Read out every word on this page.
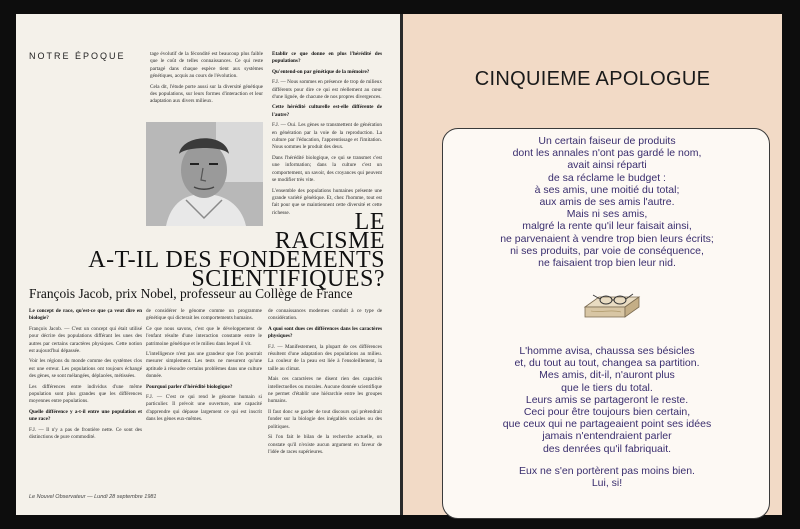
NOTRE ÉPOQUE	tage évolutif de la fécondité est beaucoup plus faible que le coût de telles connaissances. Ce qui reste partagé dans chaque espèce tient aux systèmes génétiques, acquis au cours de l'évolution.

Cela dit, l'étude porte aussi sur la diversité génétique des populations, sur leurs formes d'interaction et leur adaptation aux divers milieux.

Établir ce que donne en plus l'hérédité des populations?

Qu'entend-on par génétique de la mémoire?

F.J. — Nous sommes en présence de trop de milieux différents pour dire ce qui est réellement au cœur d'une lignée, de chacune de nos propres divergences.

Cette hérédité culturelle est-elle différente de l'autre?

F.J. — Oui. Les gènes se transmettent de génération en génération par la voie de la reproduction. La culture par l'éducation, l'apprentissage et l'imitation. Nous sommes le produit des deux.

Dans l'hérédité biologique, ce qui se transmet c'est une information; dans la culture c'est un comportement, un savoir, des croyances qui peuvent se modifier très vite.

L'ensemble des populations humaines présente une grande variété génétique. Et, chez l'homme, tout est fait pour que se maintiennent cette diversité et cette richesse.	LE
RACISME
A-T-IL DES FONDEMENTS
SCIENTIFIQUES?
François Jacob, prix Nobel, professeur au Collège de France

Le concept de race, qu'est-ce que ça veut dire en biologie?

François Jacob. — C'est un concept qui était utilisé pour décrire des populations différant les unes des autres par certains caractères physiques. Cette notion est aujourd'hui dépassée.

Voir les régions du monde comme des systèmes clos est une erreur. Les populations ont toujours échangé des gènes, se sont mélangées, déplacées, métissées.

Les différences entre individus d'une même population sont plus grandes que les différences moyennes entre populations.

Quelle différence y a-t-il entre une population et une race?

F.J. — Il n'y a pas de frontière nette. Ce sont des distinctions de pure commodité.

de considérer le génome comme un programme génétique qui dicterait les comportements humains.

Ce que nous savons, c'est que le développement de l'enfant résulte d'une interaction constante entre le patrimoine génétique et le milieu dans lequel il vit.

L'intelligence n'est pas une grandeur que l'on pourrait mesurer simplement. Les tests ne mesurent qu'une aptitude à résoudre certains problèmes dans une culture donnée.

Pourquoi parler d'hérédité biologique?

F.J. — C'est ce qui rend le génome humain si particulier. Il prévoit une ouverture, une capacité d'apprendre qui dépasse largement ce qui est inscrit dans les gènes eux-mêmes.

de connaissances modernes conduit à ce type de considération.

A quoi sont dues ces différences dans les caractères physiques?

F.J. — Manifestement, la plupart de ces différences résultent d'une adaptation des populations au milieu. La couleur de la peau est liée à l'ensoleillement, la taille au climat.

Mais ces caractères ne disent rien des capacités intellectuelles ou morales. Aucune donnée scientifique ne permet d'établir une hiérarchie entre les groupes humains.

Il faut donc se garder de tout discours qui prétendrait fonder sur la biologie des inégalités sociales ou des politiques.

Si l'on fait le bilan de la recherche actuelle, on constate qu'il n'existe aucun argument en faveur de l'idée de races supérieures.

Le Nouvel Observateur — Lundi 28 septembre 1981
CINQUIEME APOLOGUE
Un certain faiseur de produits
dont les annales n'ont pas gardé le nom,
avait ainsi réparti
de sa réclame le budget :
à ses amis, une moitié du total;
aux amis de ses amis l'autre.
Mais ni ses amis,
malgré la rente qu'il leur faisait ainsi,
ne parvenaient à vendre trop bien leurs écrits;
ni ses produits, par voie de conséquence,
ne faisaient trop bien leur nid.
L'homme avisa, chaussa ses bésicles
et, du tout au tout, changea sa partition.
Mes amis, dit-il, n'auront plus
que le tiers du total.
Leurs amis se partageront le reste.
Ceci pour être toujours bien certain,
que ceux qui ne partageaient point ses idées
jamais n'entendraient parler
des denrées qu'il fabriquait.
Eux ne s'en portèrent pas moins bien.
Lui, si!
